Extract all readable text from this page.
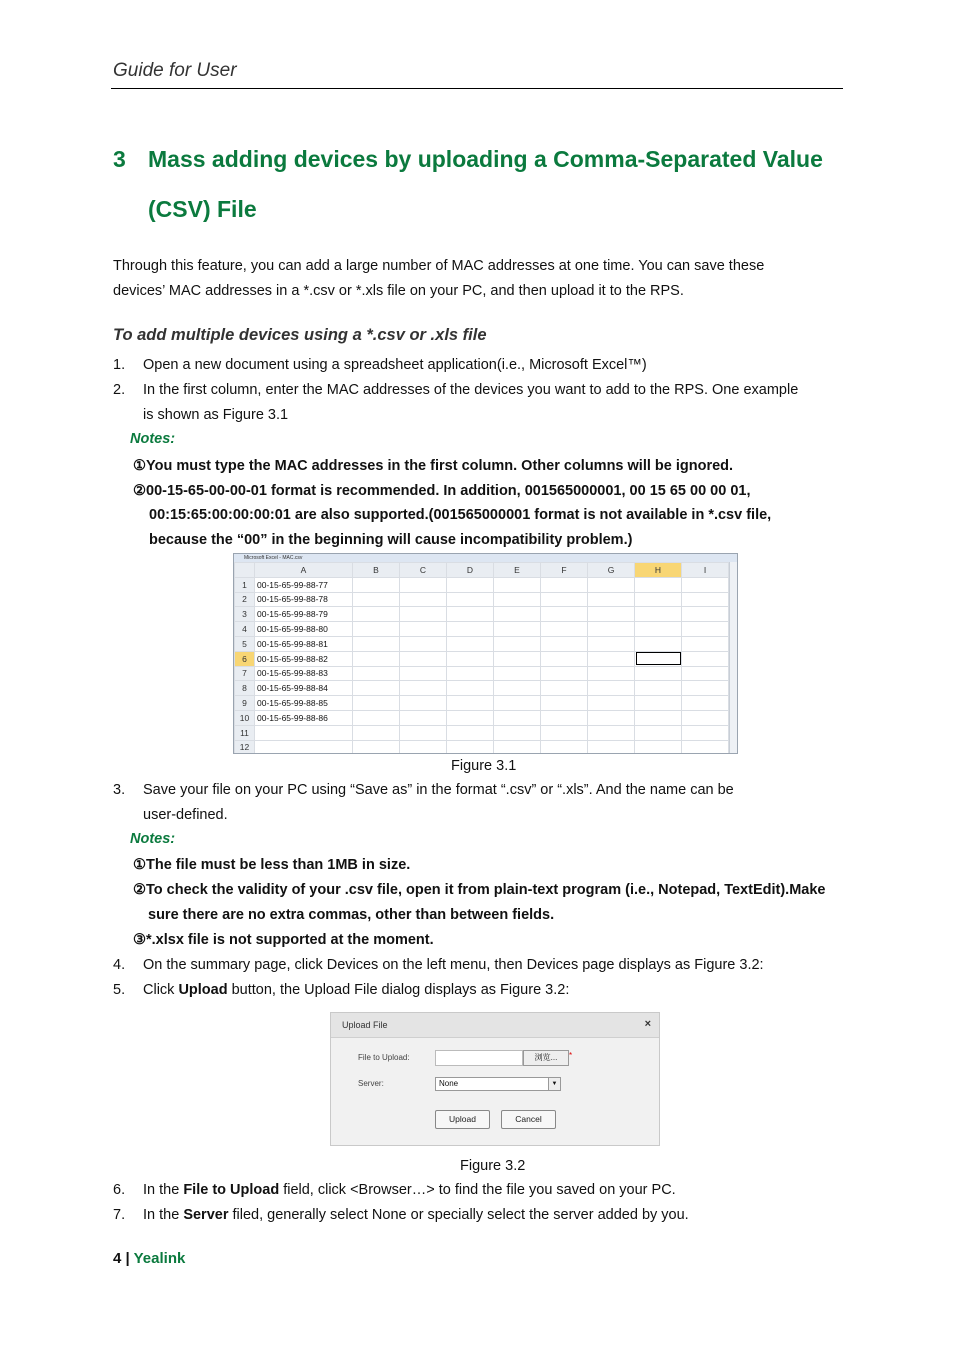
Guide for User
3 Mass adding devices by uploading a Comma-Separated Value
(CSV) File
Through this feature, you can add a large number of MAC addresses at one time. You can save these
devices’ MAC addresses in a *.csv or *.xls file on your PC, and then upload it to the RPS.
To add multiple devices using a *.csv or .xls file
1. Open a new document using a spreadsheet application(i.e., Microsoft Excel™)
2. In the first column, enter the MAC addresses of the devices you want to add to the RPS. One example
is shown as Figure 3.1
Notes:
①You must type the MAC addresses in the first column. Other columns will be ignored.
②00-15-65-00-00-01 format is recommended. In addition, 001565000001, 00 15 65 00 00 01,
00:15:65:00:00:00:01 are also supported.(001565000001 format is not available in *.csv file,
because the “00” in the beginning will cause incompatibility problem.)
Microsoft Excel - MAC.csv
	A	B	C	D	E	F	G	H	I
1	00-15-65-99-88-77								
2	00-15-65-99-88-78								
3	00-15-65-99-88-79								
4	00-15-65-99-88-80								
5	00-15-65-99-88-81								
6	00-15-65-99-88-82								
7	00-15-65-99-88-83								
8	00-15-65-99-88-84								
9	00-15-65-99-88-85								
10	00-15-65-99-88-86								
11									
12									
Figure 3.1
3. Save your file on your PC using “Save as” in the format “.csv” or “.xls”. And the name can be
user-defined.
Notes:
①The file must be less than 1MB in size.
②To check the validity of your .csv file, open it from plain-text program (i.e., Notepad, TextEdit).Make
sure there are no extra commas, other than between fields.
③*.xlsx file is not supported at the moment.
4. On the summary page, click Devices on the left menu, then Devices page displays as Figure 3.2:
5. Click Upload button, the Upload File dialog displays as Figure 3.2:
Upload File	×
File to Upload:	浏览...	*
Server:	None	▼
Upload	Cancel
Figure 3.2
6. In the File to Upload field, click <Browser…> to find the file you saved on your PC.
7. In the Server filed, generally select None or specially select the server added by you.
4 | Yealink
